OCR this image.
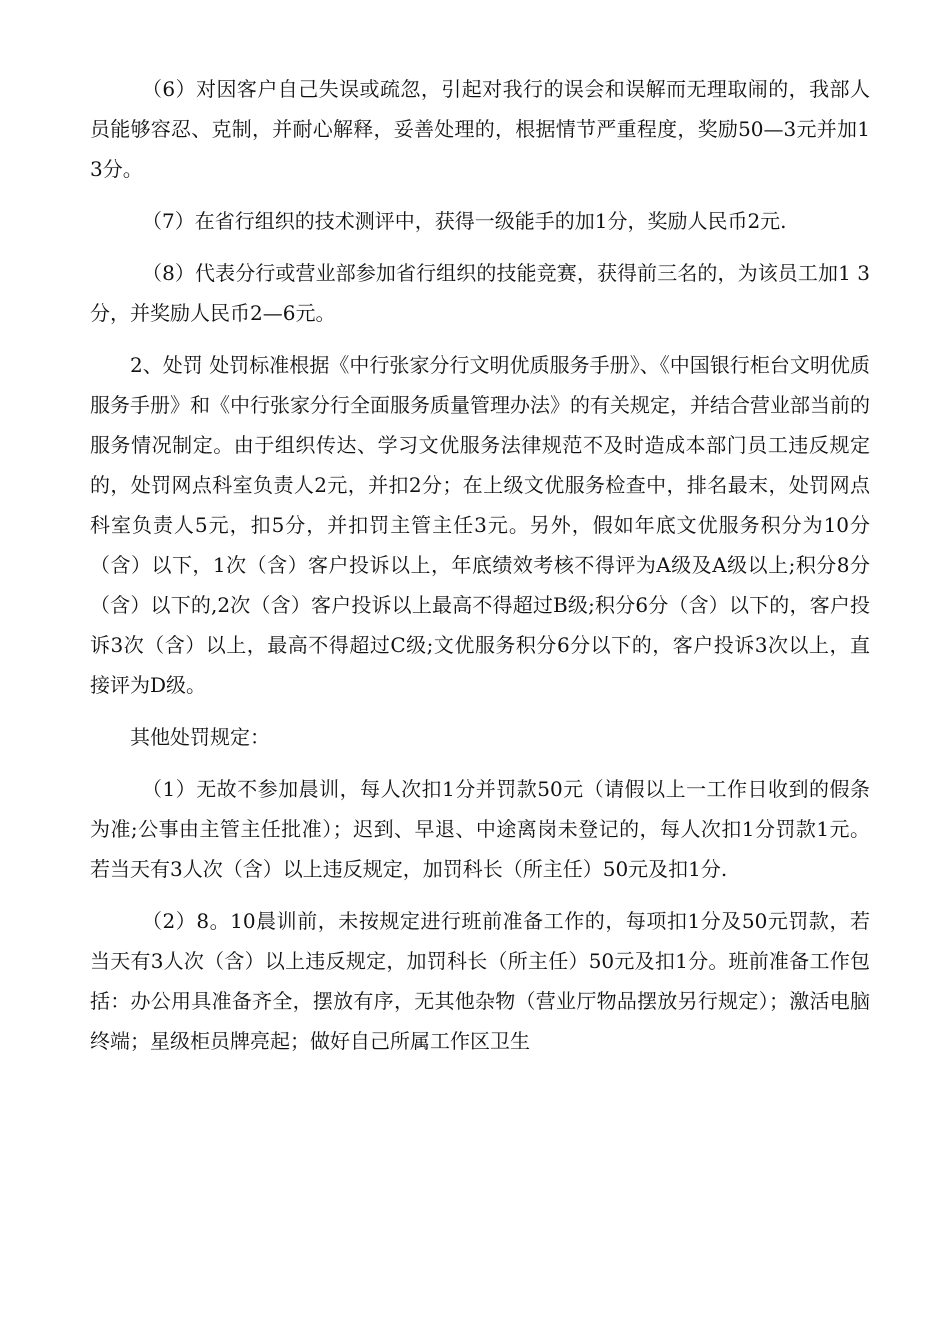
（6）对因客户自己失误或疏忽，引起对我行的误会和误解而无理取闹的，我部人员能够容忍、克制，并耐心解释，妥善处理的，根据情节严重程度，奖励50—3元并加1 3分。

（7）在省行组织的技术测评中，获得一级能手的加1分，奖励人民币2元.

（8）代表分行或营业部参加省行组织的技能竞赛，获得前三名的，为该员工加1 3分，并奖励人民币2—6元。

2、处罚 处罚标准根据《中行张家分行文明优质服务手册》、《中国银行柜台文明优质服务手册》和《中行张家分行全面服务质量管理办法》的有关规定，并结合营业部当前的服务情况制定。由于组织传达、学习文优服务法律规范不及时造成本部门员工违反规定的，处罚网点科室负责人2元，并扣2分；在上级文优服务检查中，排名最末，处罚网点科室负责人5元，扣5分，并扣罚主管主任3元。另外，假如年底文优服务积分为10分（含）以下，1次（含）客户投诉以上，年底绩效考核不得评为A级及A级以上;积分8分（含）以下的,2次（含）客户投诉以上最高不得超过B级;积分6分（含）以下的，客户投诉3次（含）以上，最高不得超过C级;文优服务积分6分以下的，客户投诉3次以上，直接评为D级。

其他处罚规定：

（1）无故不参加晨训，每人次扣1分并罚款50元（请假以上一工作日收到的假条为准;公事由主管主任批准）；迟到、早退、中途离岗未登记的，每人次扣1分罚款1元。若当天有3人次（含）以上违反规定，加罚科长（所主任）50元及扣1分.

（2）8。10晨训前，未按规定进行班前准备工作的，每项扣1分及50元罚款，若当天有3人次（含）以上违反规定，加罚科长（所主任）50元及扣1分。班前准备工作包括：办公用具准备齐全，摆放有序，无其他杂物（营业厅物品摆放另行规定）；激活电脑终端；星级柜员牌亮起；做好自己所属工作区卫生
